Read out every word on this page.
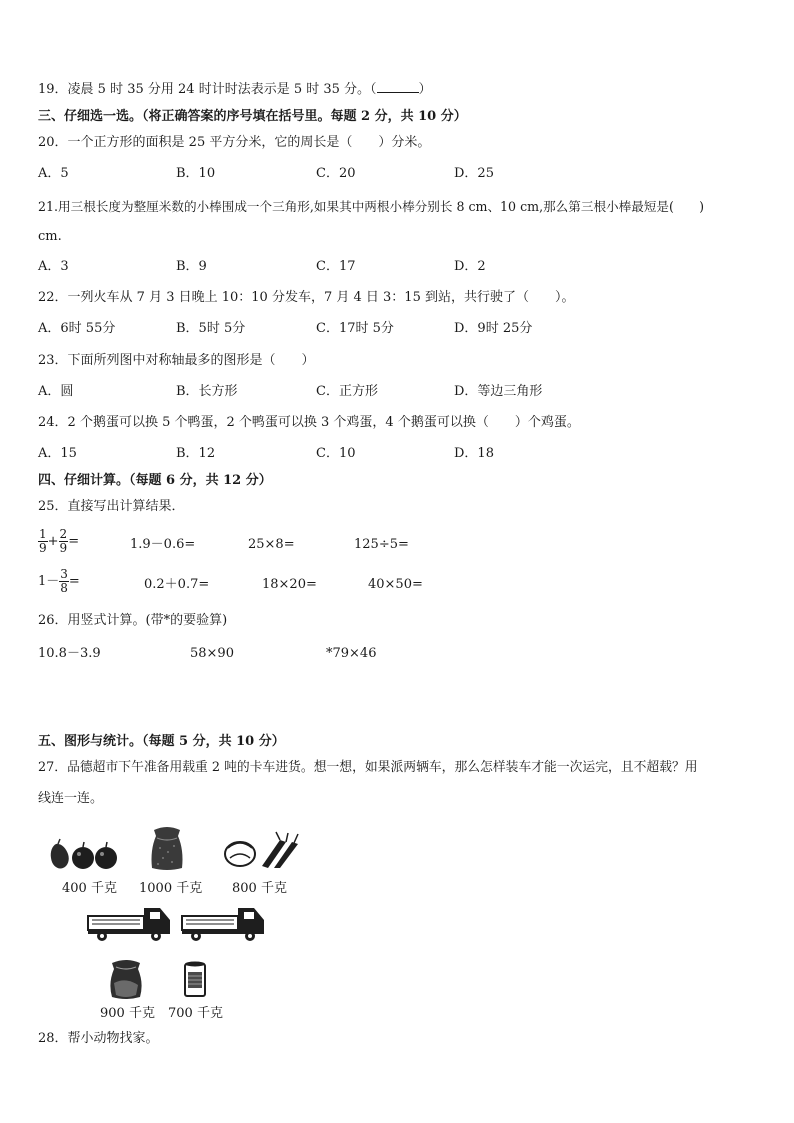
19．凌晨 5 时 35 分用 24 时计时法表示是 5 时 35 分。（	）
三、仔细选一选。（将正确答案的序号填在括号里。每题 2 分，共 10 分）
20．一个正方形的面积是 25 平方分米，它的周长是（　　）分米。
A．5	B．10	C．20	D．25
21.用三根长度为整厘米数的小棒围成一个三角形,如果其中两根小棒分别长 8 cm、10 cm,那么第三根小棒最短是(　　)
cm.
A．3	B．9	C．17	D．2
22．一列火车从 7 月 3 日晚上 10：10 分发车，7 月 4 日 3：15 到站，共行驶了（　　）。
A．6时 55分	B．5时 5分	C．17时 5分	D．9时 25分
23．下面所列图中对称轴最多的图形是（　　）
A．圆	B．长方形	C．正方形	D．等边三角形
24．2 个鹅蛋可以换 5 个鸭蛋，2 个鸭蛋可以换 3 个鸡蛋，4 个鹅蛋可以换（　　）个鸡蛋。
A．15	B．12	C．10	D．18
四、仔细计算。（每题 6 分，共 12 分）
25．直接写出计算结果．
$\frac{1}{9} + \frac{2}{9}$ =	1.9－0.6=	25×8=	125÷5=
$1- \frac{3}{8}$ =	0.2＋0.7=	18×20=	40×50=
26．用竖式计算。(带*的要验算)
10.8－3.9	58×90	*79×46
五、图形与统计。（每题 5 分，共 10 分）
27．品德超市下午准备用载重 2 吨的卡车进货。想一想，如果派两辆车，那么怎样装车才能一次运完，且不超载？用
线连一连。
400 千克 1000 千克 800 千克
900 千克 700 千克
28．帮小动物找家。
